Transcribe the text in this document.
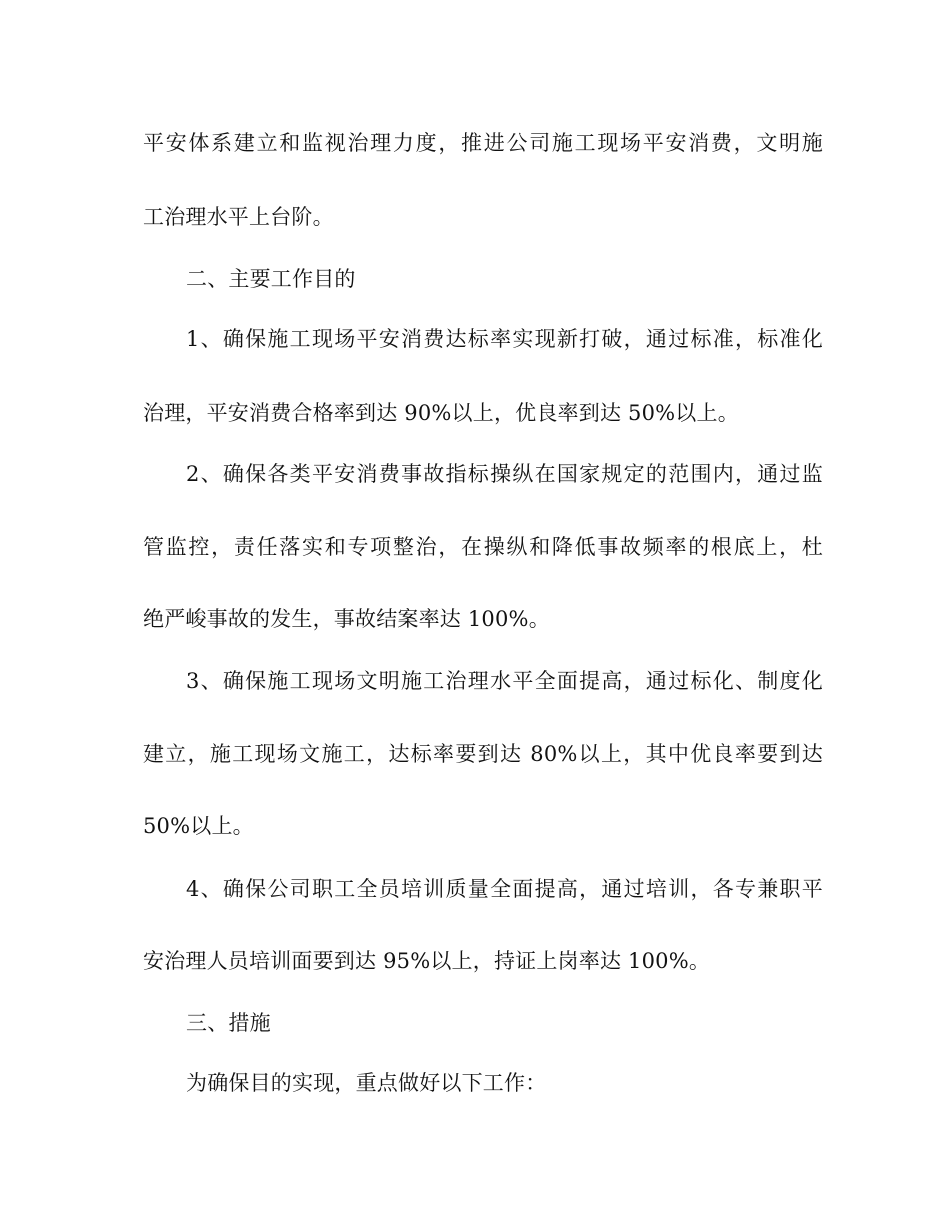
平安体系建立和监视治理力度，推进公司施工现场平安消费，文明施
工治理水平上台阶。
二、主要工作目的
1、确保施工现场平安消费达标率实现新打破，通过标准，标准化
治理，平安消费合格率到达 90%以上，优良率到达 50%以上。
2、确保各类平安消费事故指标操纵在国家规定的范围内，通过监
管监控，责任落实和专项整治，在操纵和降低事故频率的根底上，杜
绝严峻事故的发生，事故结案率达 100%。
3、确保施工现场文明施工治理水平全面提高，通过标化、制度化
建立，施工现场文施工，达标率要到达 80%以上，其中优良率要到达
50%以上。
4、确保公司职工全员培训质量全面提高，通过培训，各专兼职平
安治理人员培训面要到达 95%以上，持证上岗率达 100%。
三、措施
为确保目的实现，重点做好以下工作：
